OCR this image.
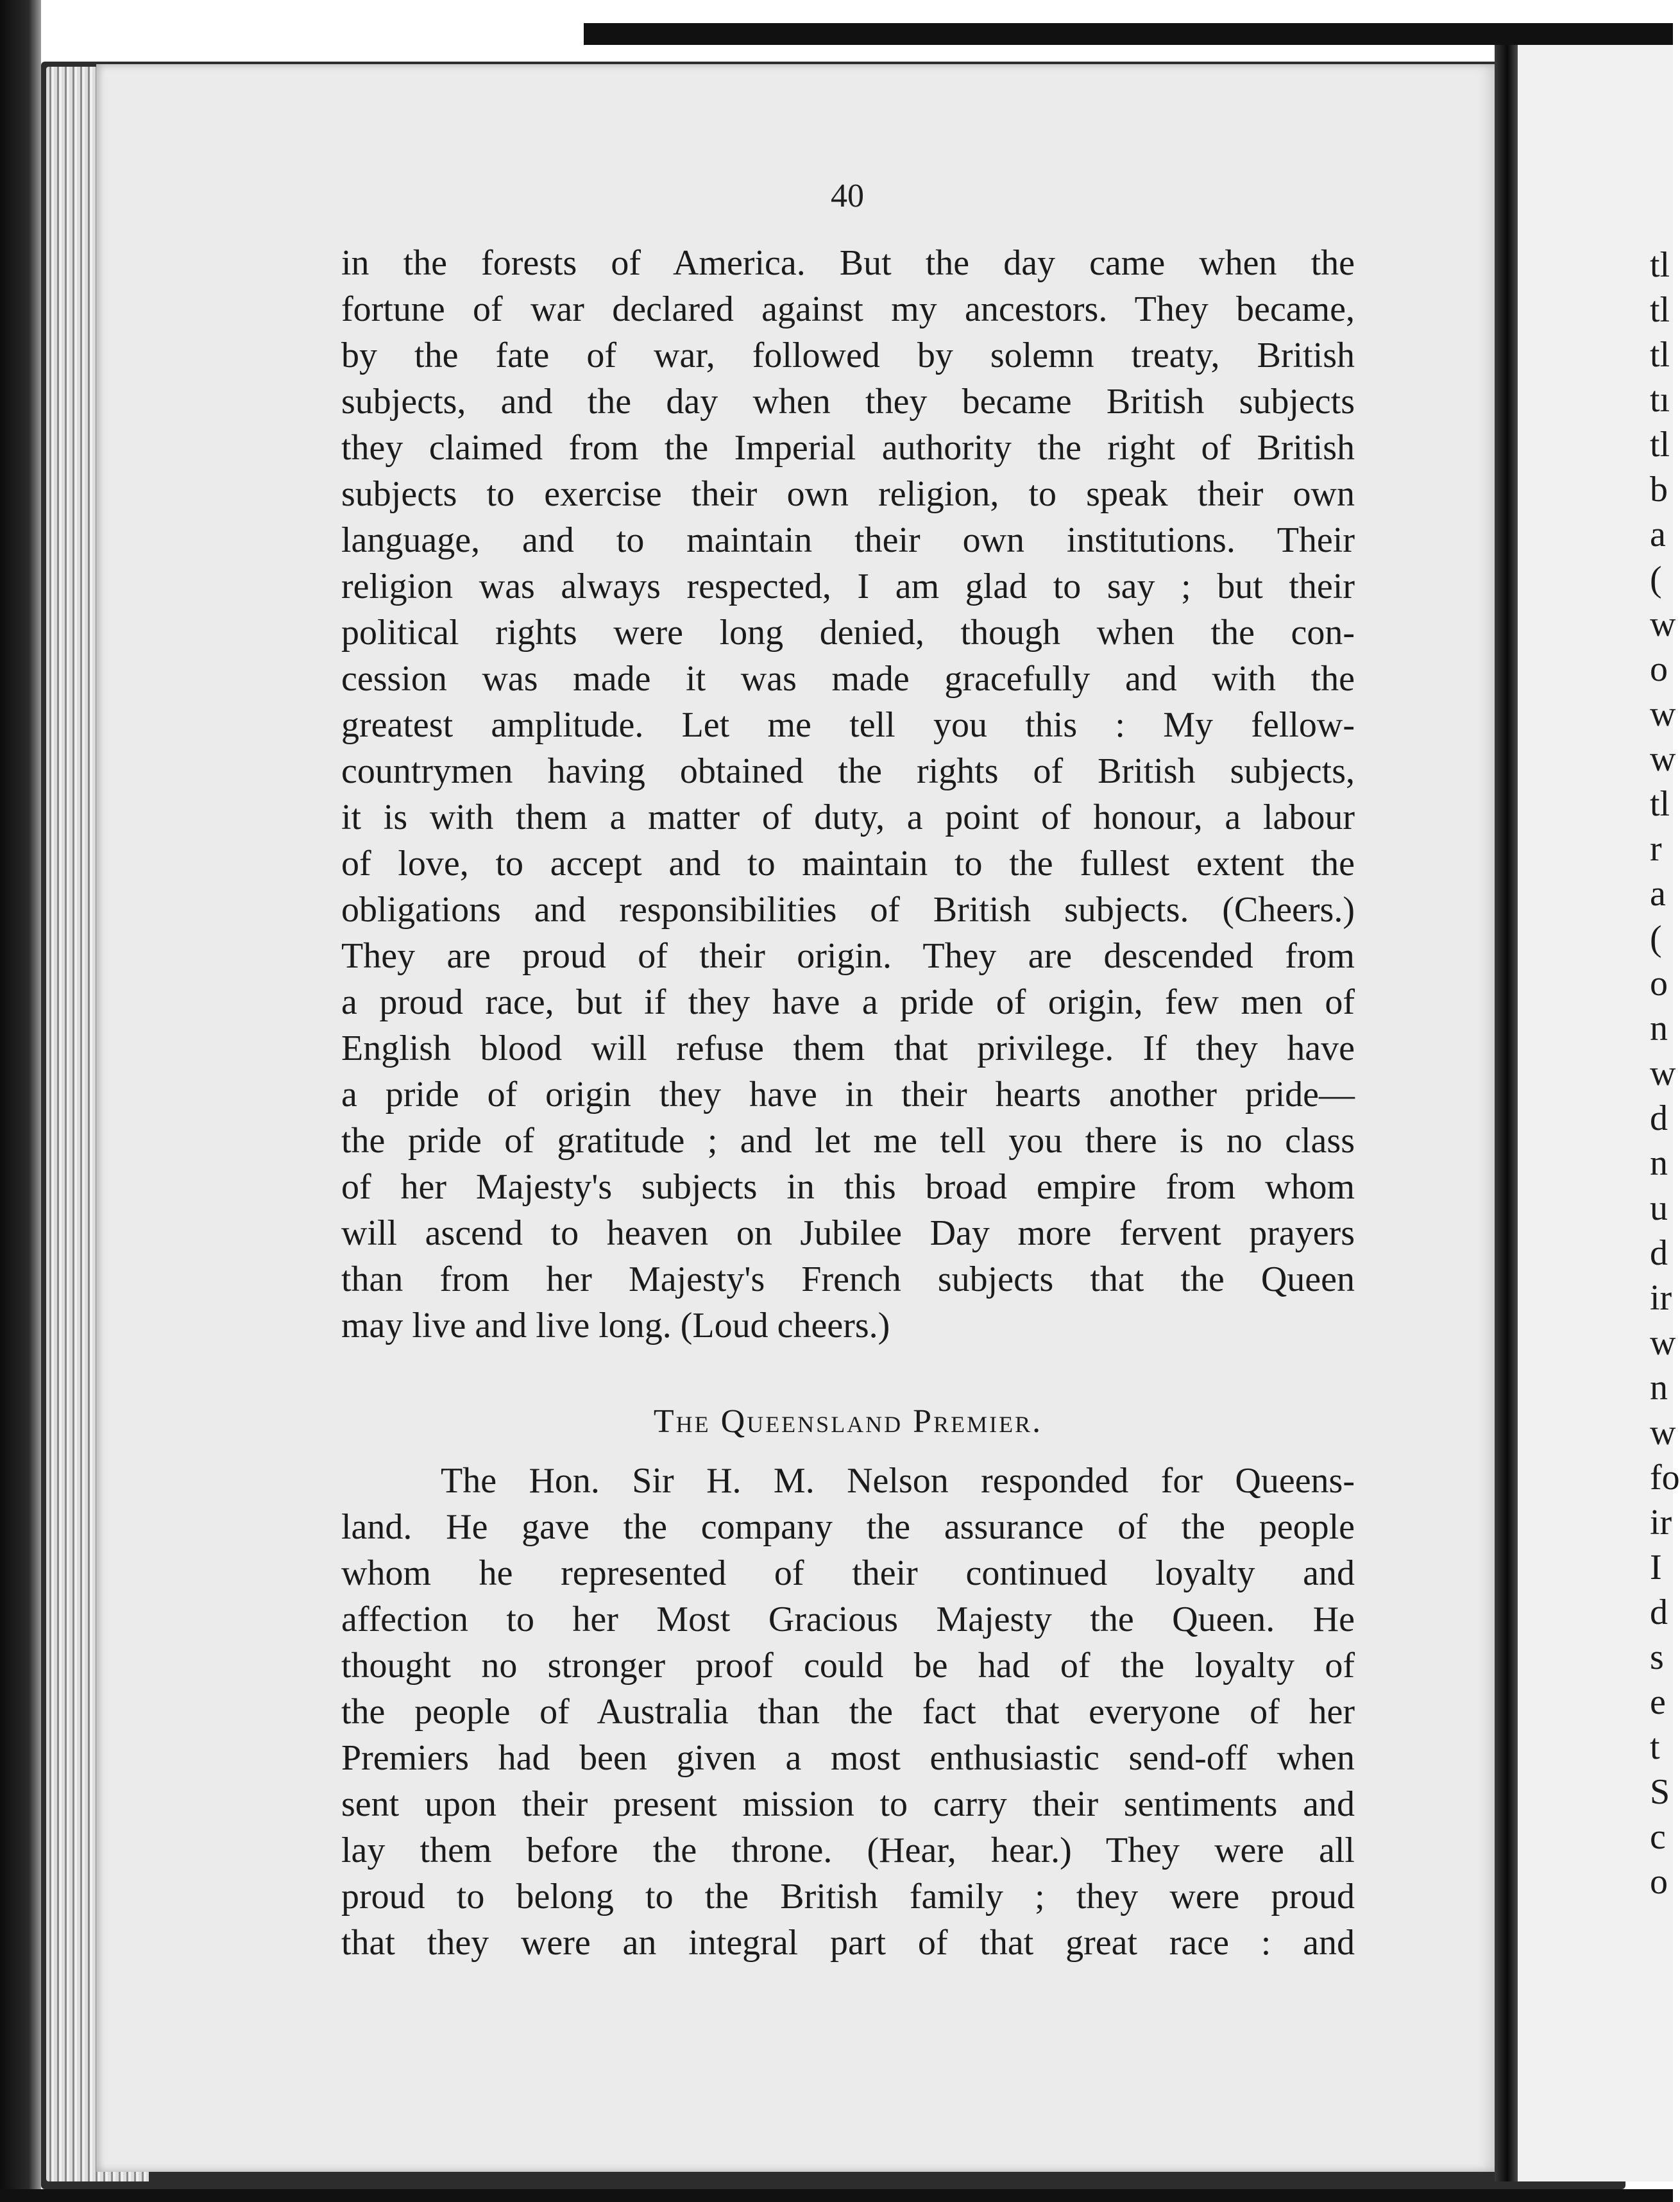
40
in the forests of America. But the day came when the
fortune of war declared against my ancestors. They became,
by the fate of war, followed by solemn treaty, British
subjects, and the day when they became British subjects
they claimed from the Imperial authority the right of British
subjects to exercise their own religion, to speak their own
language, and to maintain their own institutions. Their
religion was always respected, I am glad to say ; but their
political rights were long denied, though when the con-
cession was made it was made gracefully and with the
greatest amplitude. Let me tell you this : My fellow-
countrymen having obtained the rights of British subjects,
it is with them a matter of duty, a point of honour, a labour
of love, to accept and to maintain to the fullest extent the
obligations and responsibilities of British subjects. (Cheers.)
They are proud of their origin. They are descended from
a proud race, but if they have a pride of origin, few men of
English blood will refuse them that privilege. If they have
a pride of origin they have in their hearts another pride—
the pride of gratitude ; and let me tell you there is no class
of her Majesty's subjects in this broad empire from whom
will ascend to heaven on Jubilee Day more fervent prayers
than from her Majesty's French subjects that the Queen
may live and live long. (Loud cheers.)
The Queensland Premier.
The Hon. Sir H. M. Nelson responded for Queens-
land. He gave the company the assurance of the people
whom he represented of their continued loyalty and
affection to her Most Gracious Majesty the Queen. He
thought no stronger proof could be had of the loyalty of
the people of Australia than the fact that everyone of her
Premiers had been given a most enthusiastic send-off when
sent upon their present mission to carry their sentiments and
lay them before the throne. (Hear, hear.) They were all
proud to belong to the British family ; they were proud
that they were an integral part of that great race : and
tl
tl
tl
tı
tl
b
a
(
w
o
w
w
tl
r
a
(
o
n
w
d
n
u
d
ir
w
n
w
fo
ir
I
d
s
e
t
S
c
o
